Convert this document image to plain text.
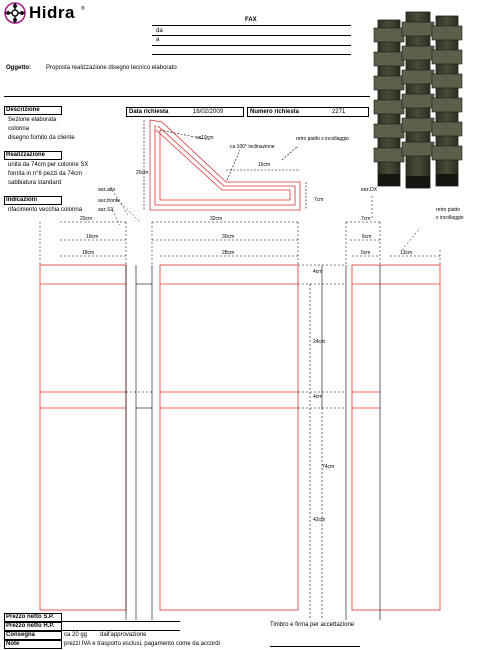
Hidra ®
FAX
da
a
Oggetto:	Proposta realizzazione disegno tecnico elaborato
Descrizione
Sezione elaborata
colonna
disegno fornito da cliente
Realizzazione
unità da 74cm per colonne SX
fornita in n°6 pezzi da 74cm
sabbiatura standard
Indicazioni
rifacimento vecchia colonna
Data richiesta	16/02/2009	Numero richiesta	2271
ca19cm
ca 100° inclinazione
retro piatto x incollaggio
16cm
20cm
7cm
sez.alto
sez.fronte
sez.SX
sez.DX
retro piatto
x incollaggio
20cm	32cm	7cm
19cm	30cm	6cm
18cm	28cm	5cm	13cm
4cm
24cm
4cm
74cm
42cm
Prezzo netto S.P.
Prezzo netto H.P.
Consegna	ca 20 gg dall'approvazione
Note	prezzi IVA e trasporto esclusi, pagamento come da accordi
Timbro e firma per accettazione
